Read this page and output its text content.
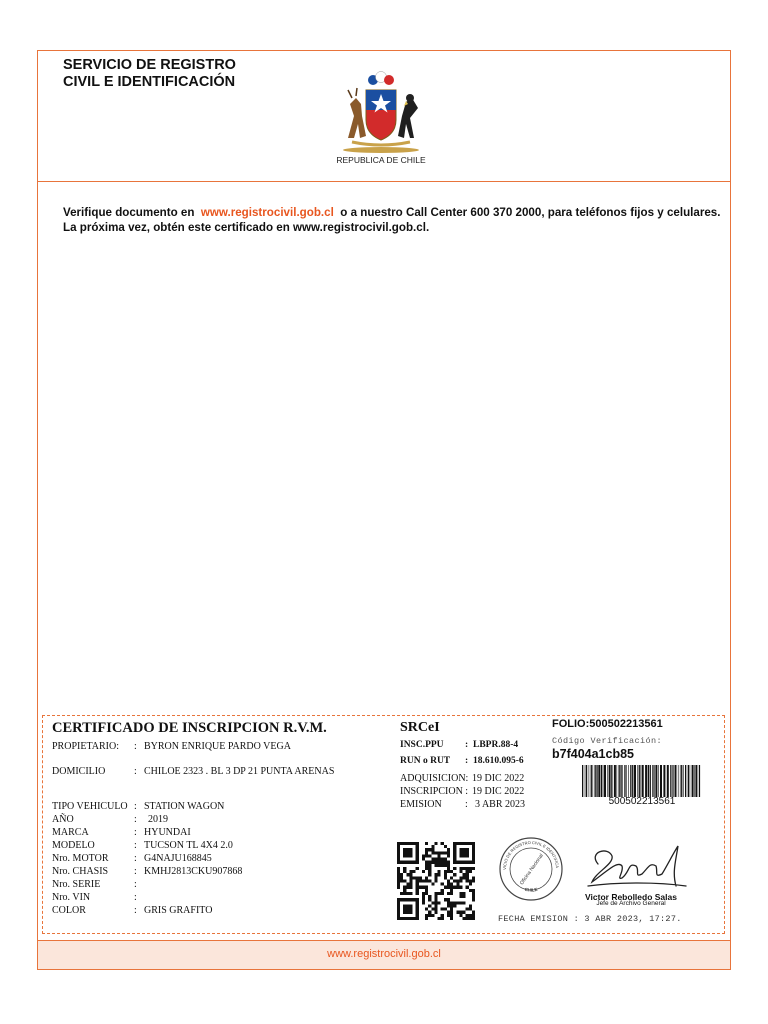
SERVICIO DE REGISTRO
CIVIL E IDENTIFICACIÓN
REPUBLICA DE CHILE
Verifique documento en www.registrocivil.gob.cl o a nuestro Call Center 600 370 2000, para teléfonos fijos y celulares. La próxima vez, obtén este certificado en www.registrocivil.gob.cl.
CERTIFICADO DE INSCRIPCION R.V.M.
PROPIETARIO: : BYRON ENRIQUE PARDO VEGA
DOMICILIO	: CHILOE 2323 . BL 3 DP 21 PUNTA ARENAS
TIPO VEHICULO : STATION WAGON
AÑO	: 2019
MARCA	: HYUNDAI
MODELO	: TUCSON TL 4X4 2.0
Nro. MOTOR	: G4NAJU168845
Nro. CHASIS	: KMHJ2813CKU907868
Nro. SERIE	:
Nro. VIN	:
COLOR	: GRIS GRAFITO
SRCeI
INSC.PPU : LBPR.88-4
RUN o RUT : 18.610.095-6
ADQUISICION: 19 DIC 2022
INSCRIPCION : 19 DIC 2022
EMISION : 3 ABR 2023
FOLIO:500502213561
Código Verificación:
b7f404a1cb85
500502213561
VICIO DE REGISTRO CIVIL E IDENTIFICA
Oficina Nacional
CHILE
Victor Rebolledo Salas
Jefe de Archivo General
FECHA EMISION : 3 ABR 2023, 17:27.
www.registrocivil.gob.cl
